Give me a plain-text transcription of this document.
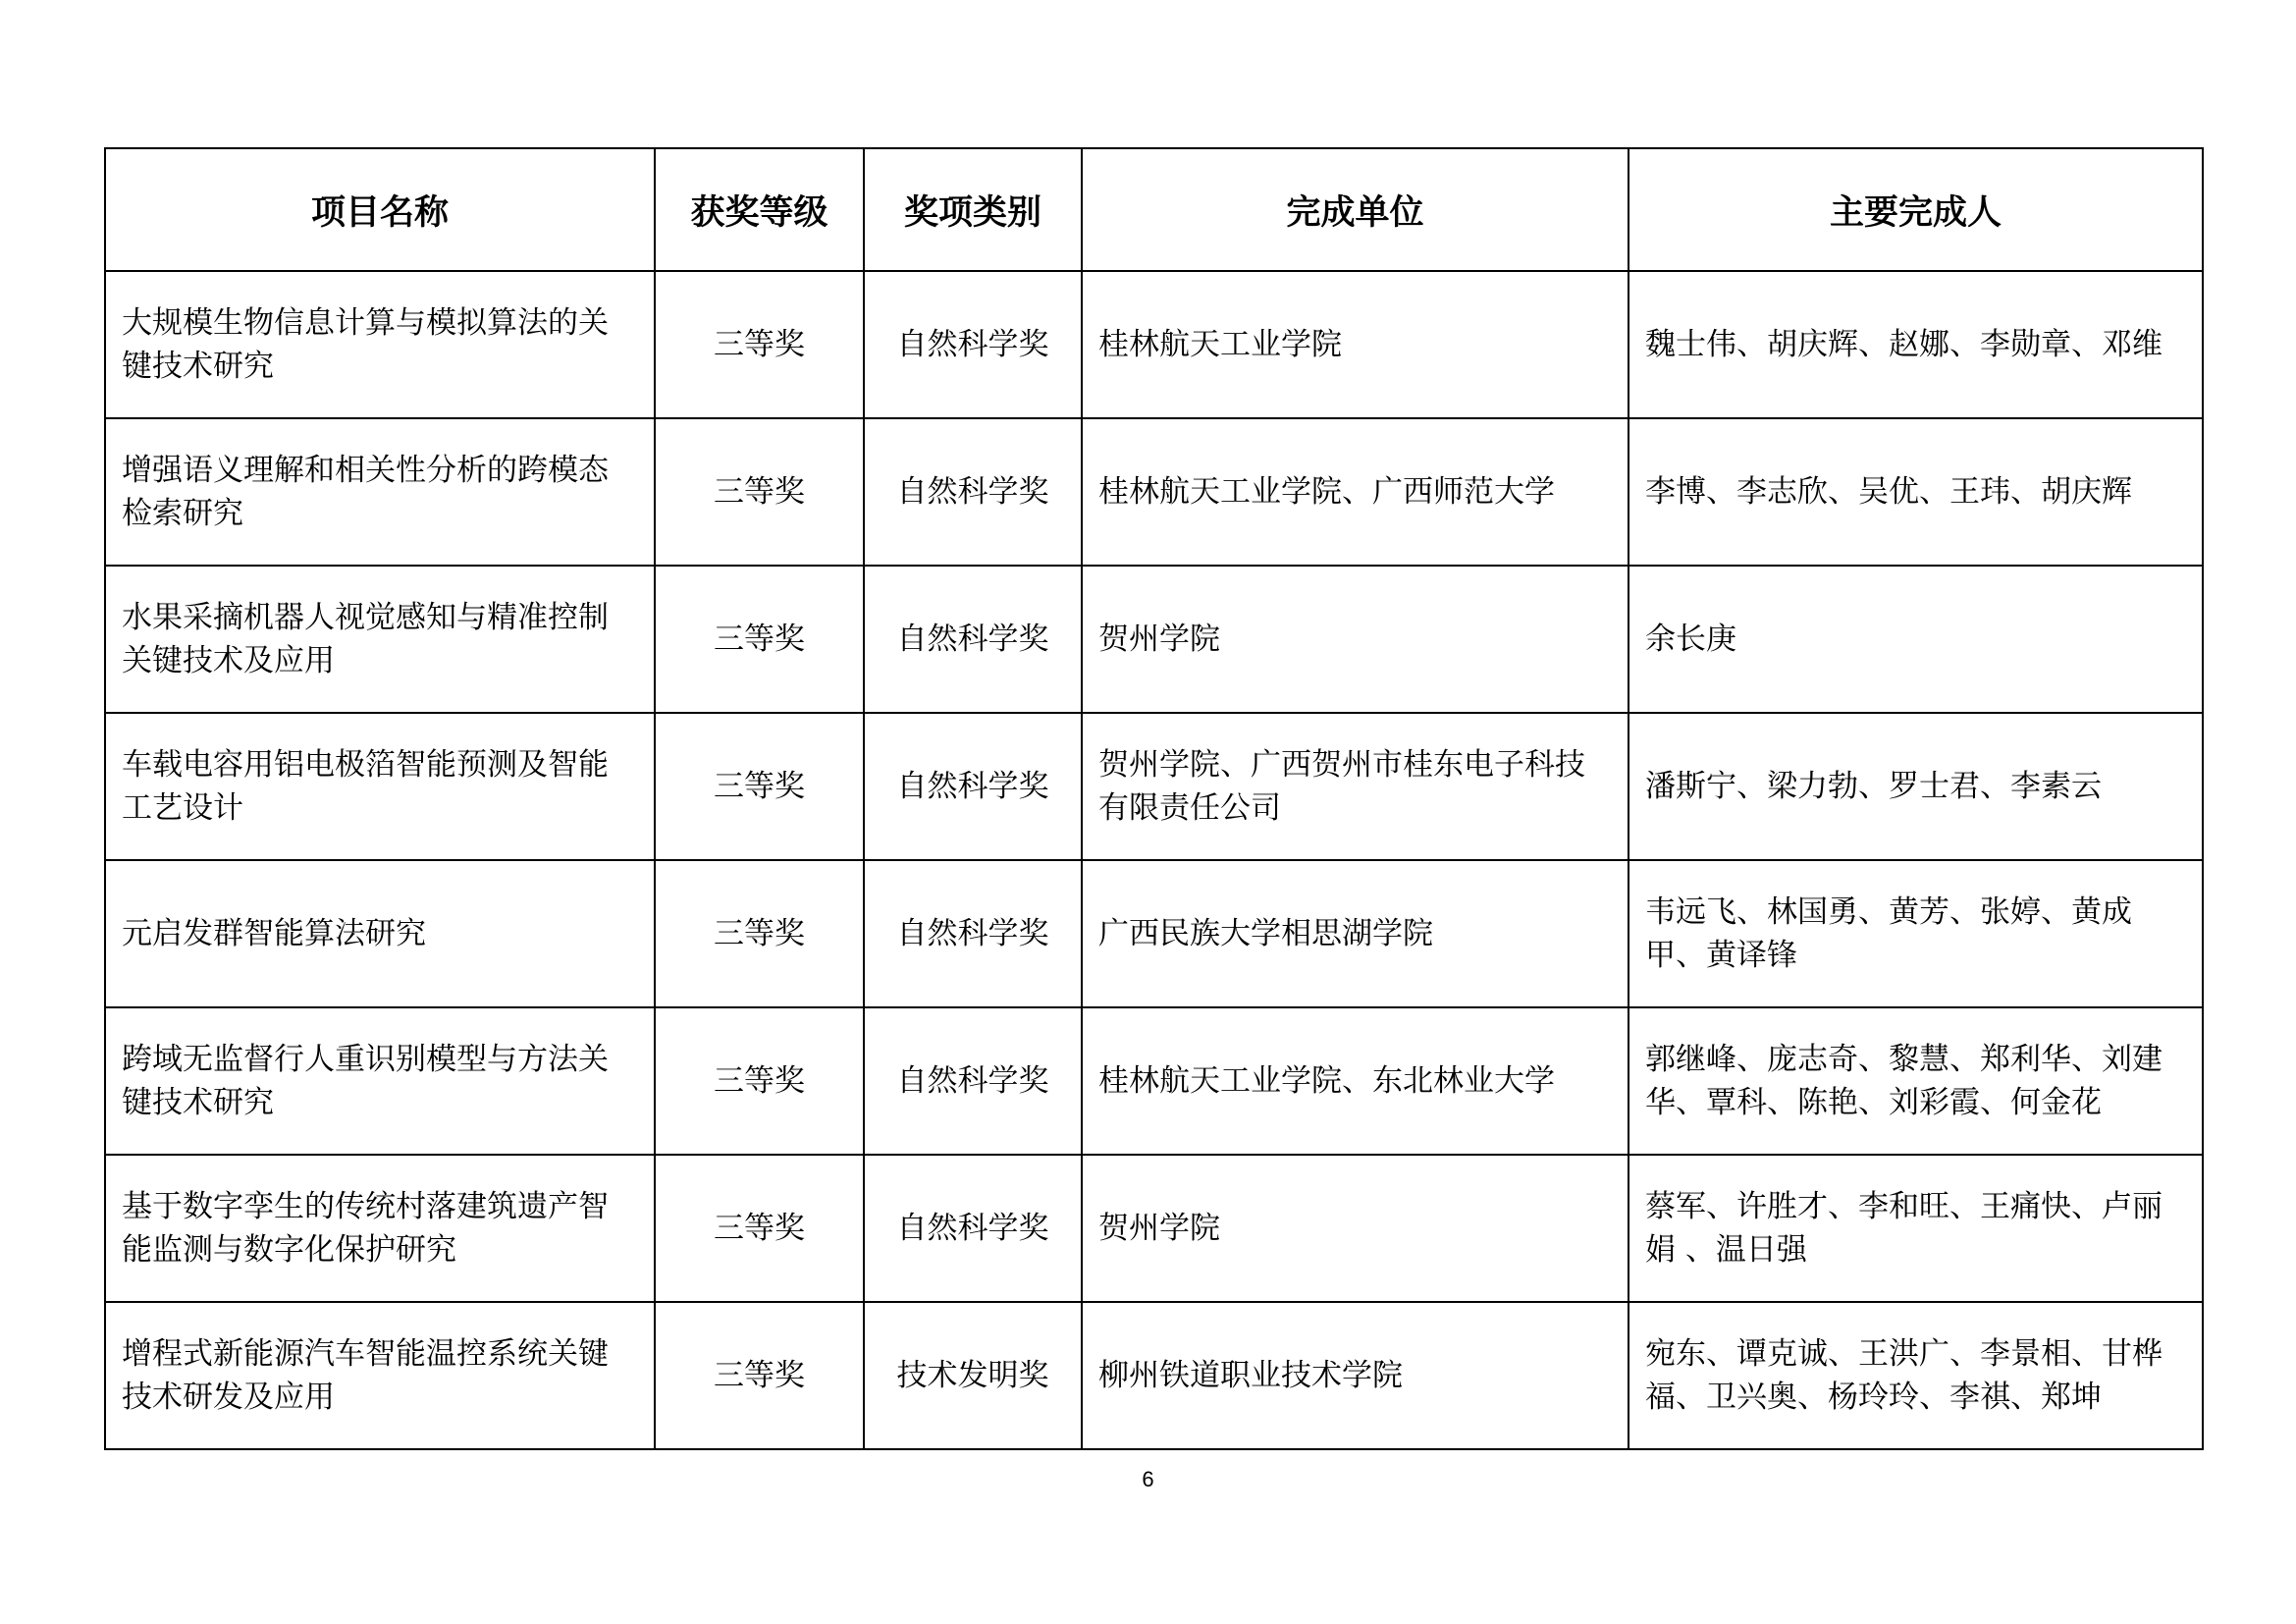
项目名称	获奖等级	奖项类别	完成单位	主要完成人
大规模生物信息计算与模拟算法的关键技术研究	三等奖	自然科学奖	桂林航天工业学院	魏士伟、胡庆辉、赵娜、李勋章、邓维
增强语义理解和相关性分析的跨模态检索研究	三等奖	自然科学奖	桂林航天工业学院、广西师范大学	李博、李志欣、吴优、王玮、胡庆辉
水果采摘机器人视觉感知与精准控制关键技术及应用	三等奖	自然科学奖	贺州学院	余长庚
车载电容用铝电极箔智能预测及智能工艺设计	三等奖	自然科学奖	贺州学院、广西贺州市桂东电子科技有限责任公司	潘斯宁、梁力勃、罗士君、李素云
元启发群智能算法研究	三等奖	自然科学奖	广西民族大学相思湖学院	韦远飞、林国勇、黄芳、张婷、黄成甲、黄译锋
跨域无监督行人重识别模型与方法关键技术研究	三等奖	自然科学奖	桂林航天工业学院、东北林业大学	郭继峰、庞志奇、黎慧、郑利华、刘建华、覃科、陈艳、刘彩霞、何金花
基于数字孪生的传统村落建筑遗产智能监测与数字化保护研究	三等奖	自然科学奖	贺州学院	蔡军、许胜才、李和旺、王痛快、卢丽娟 、温日强
增程式新能源汽车智能温控系统关键技术研发及应用	三等奖	技术发明奖	柳州铁道职业技术学院	宛东、谭克诚、王洪广、李景相、甘桦福、卫兴奥、杨玲玲、李祺、郑坤
6
